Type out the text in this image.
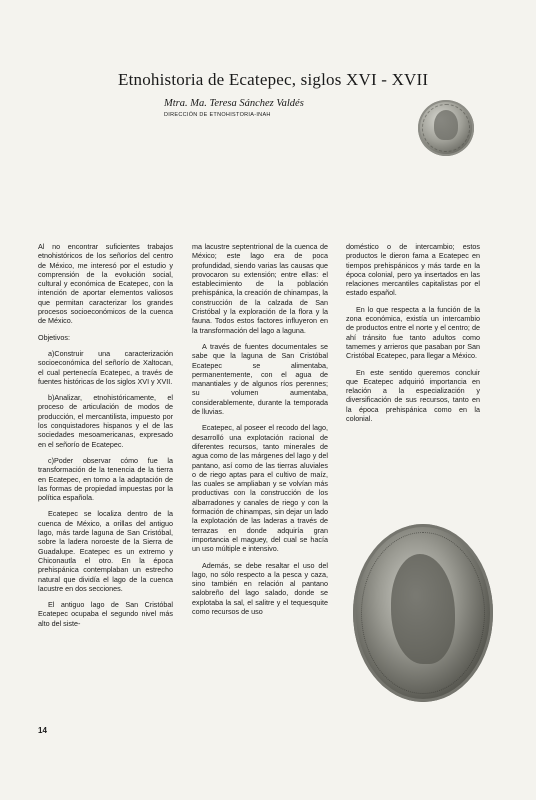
Etnohistoria de Ecatepec, siglos XVI - XVII
Mtra. Ma. Teresa Sánchez Valdés
DIRECCIÓN DE ETNOHISTORIA-INAH

Al no encontrar suficientes trabajos etnohistóricos de los señoríos del centro de México, me interesó por el estudio y comprensión de la evolución social, cultural y económica de Ecatepec, con la intención de aportar elementos valiosos que permitan caracterizar los grandes procesos socioeconómicos de la cuenca de México.

Objetivos:

a)Construir una caracterización socioeconómica del señorío de Xaltocan, el cual pertenecía Ecatepec, a través de fuentes históricas de los siglos XVI y XVII.

b)Analizar, etnohistóricamente, el proceso de articulación de modos de producción, el mercantilista, impuesto por los conquistadores hispanos y el de las sociedades mesoamericanas, expresado en el señorío de Ecatepec.

c)Poder observar cómo fue la transformación de la tenencia de la tierra en Ecatepec, en torno a la adaptación de las formas de propiedad impuestas por la política española.

Ecatepec se localiza dentro de la cuenca de México, a orillas del antiguo lago, más tarde laguna de San Cristóbal, sobre la ladera noroeste de la Sierra de Guadalupe. Ecatepec es un extremo y Chiconautla el otro. En la época prehispánica contemplaban un estrecho natural que dividía el lago de la cuenca lacustre en dos secciones.

El antiguo lago de San Cristóbal Ecatepec ocupaba el segundo nivel más alto del siste-

ma lacustre septentrional de la cuenca de México; este lago era de poca profundidad, siendo varias las causas que provocaron su extensión; entre ellas: el establecimiento de la población prehispánica, la creación de chinampas, la construcción de la calzada de San Cristóbal y la exploración de la flora y la fauna. Todos estos factores influyeron en la transformación del lago a laguna.

A través de fuentes documentales se sabe que la laguna de San Cristóbal Ecatepec se alimentaba, permanentemente, con el agua de manantiales y de algunos ríos perennes; su volumen aumentaba, considerablemente, durante la temporada de lluvias.

Ecatepec, al poseer el recodo del lago, desarrolló una explotación racional de diferentes recursos, tanto minerales de agua como de las márgenes del lago y del pantano, así como de las tierras aluviales o de riego aptas para el cultivo de maíz, las cuales se ampliaban y se volvían más productivas con la construcción de los albarradones y canales de riego y con la formación de chinampas, sin dejar un lado la explotación de las laderas a través de terrazas en donde adquiría gran importancia el maguey, del cual se hacía un uso múltiple e intensivo.

Además, se debe resaltar el uso del lago, no sólo respecto a la pesca y caza, sino también en relación al pantano salobreño del lago salado, donde se explotaba la sal, el salitre y el tequesquite como recursos de uso

doméstico o de intercambio; estos productos le dieron fama a Ecatepec en tiempos prehispánicos y más tarde en la época colonial, pero ya insertados en las relaciones mercantiles capitalistas por el estado español.

En lo que respecta a la función de la zona económica, existía un intercambio de productos entre el norte y el centro; de ahí tránsito fue tanto adultos como tamemes y arrieros que pasaban por San Cristóbal Ecatepec, para llegar a México.

En este sentido queremos concluir que Ecatepec adquirió importancia en relación a la especialización y diversificación de sus recursos, tanto en la época prehispánica como en la colonial.

14
